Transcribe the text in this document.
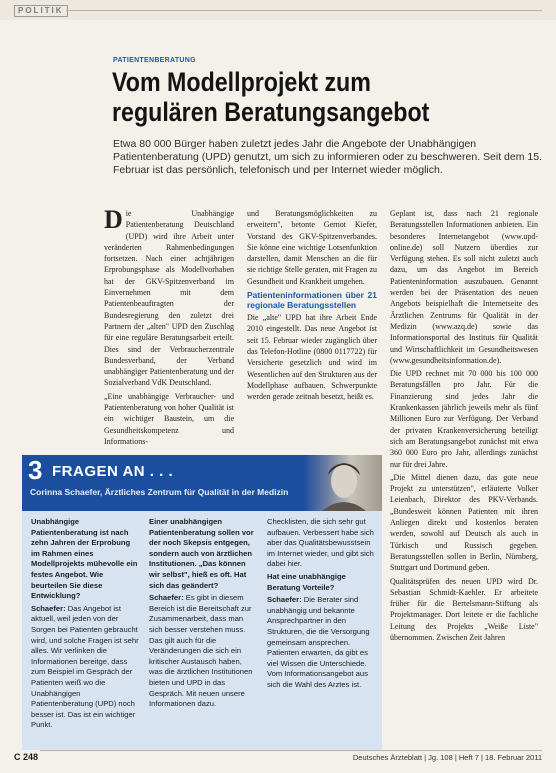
POLITIK
PATIENTENBERATUNG
Vom Modellprojekt zum regulären Beratungsangebot

Etwa 80 000 Bürger haben zuletzt jedes Jahr die Angebote der Unabhängigen Patientenberatung (UPD) genutzt, um sich zu informieren oder zu beschweren. Seit dem 15. Februar ist das persönlich, telefonisch und per Internet wieder möglich.

Die Unabhängige Patientenberatung Deutschland (UPD) wird ihre Arbeit unter veränderten Rahmenbedingungen fortsetzen. Nach einer achtjährigen Erprobungsphase als Modellvorhaben hat der GKV-Spitzenverband im Einvernehmen mit dem Patientenbeauftragten der Bundesregierung den zuletzt drei Partnern der „alten" UPD den Zuschlag für eine reguläre Beratungsarbeit erteilt. Dies sind der Verbraucherzentrale Bundesverband, der Verband unabhängiger Patientenberatung und der Sozialverband VdK Deutschland.

„Eine unabhängige Verbraucher- und Patientenberatung von hoher Qualität ist ein wichtiger Baustein, um die Gesundheitskompetenz und Informations-

und Beratungsmöglichkeiten zu erweitern", betonte Gernot Kiefer, Vorstand des GKV-Spitzenverbandes. Sie könne eine wichtige Lotsenfunktion darstellen, damit Menschen an die für sie richtige Stelle geraten, mit Fragen zu Gesundheit und Krankheit umgehen.

Patienteninformationen über 21 regionale Beratungsstellen

Die „alte" UPD hat ihre Arbeit Ende 2010 eingestellt. Das neue Angebot ist seit 15. Februar wieder zugänglich über das Telefon-Hotline (0800 0117722) für Versicherte gesetzlich und wird im Wesentlichen auf den Strukturen aus der Modellphase aufbauen. Schwerpunkte werden gerade zeitnah besetzt, heißt es.

Geplant ist, dass nach 21 regionale Beratungsstellen Informationen anbieten. Ein besonderes Internetangebot (www.upd-online.de) soll Nutzern überdies zur Verfügung stehen. Es soll nicht zuletzt auch dazu, um das Angebot im Bereich Patienteninformation auszubauen. Genannt werden bei der Präsentation des neuen Angebots beispielhaft die Internetseite des Ärztlichen Zentrums für Qualität in der Medizin (www.azq.de) sowie das Informationsportal des Instituts für Qualität und Wirtschaftlichkeit im Gesundheitswesen (www.gesundheitsinformation.de).

Die UPD rechnet mit 70 000 bis 100 000 Beratungsfällen pro Jahr. Für die Finanzierung sind jedes Jahr die Krankenkassen jährlich jeweils mehr als fünf Millionen Euro zur Verfügung. Der Verband der privaten Krankenversicherung beteiligt sich am Beratungsangebot zunächst mit etwa 360 000 Euro pro Jahr, allerdings zunächst nur für drei Jahre.

„Die Mittel dienen dazu, das gute neue Projekt zu unterstützen", erläuterte Volker Leienbach, Direktor des PKV-Verbands. „Bundesweit können Patienten mit ihren Anliegen direkt und kostenlos beraten werden, sowohl auf Deutsch als auch in Türkisch und Russisch gegeben. Beratungsstellen sollen in Berlin, Nürnberg, Stuttgart und Dortmund geben.

Qualitätsprüfen des neuen UPD wird Dr. Sebastian Schmidt-Kaehler. Er arbeitete früher für die Bertelsmann-Stiftung als Projektmanager. Dort leitete er die fachliche Leitung des Projekts „Weiße Liste" übernommen. Zwischen Zeit Jahren

3 FRAGEN AN . . .
Corinna Schaefer, Ärztliches Zentrum für Qualität in der Medizin

Unabhängige Patientenberatung ist nach zehn Jahren der Erprobung im Rahmen eines Modellprojekts mühevolle ein festes Angebot. Wie beurteilen Sie diese Entwicklung?

Schaefer: Das Angebot ist aktuell, weil jeden von der Sorgen bei Patienten gebraucht wird, und solche Fragen ist sehr alles. Wir verlinken die Informationen bereitge, dass zum Beispiel im Gespräch der Patienten weiß wo die Unabhängigen Patientenberatung (UPD) noch besser ist. Das ist ein wichtiger Punkt.

Einer unabhängigen Patientenberatung sollen vor der noch Skepsis entgegen, sondern auch von ärztlichen Institutionen. „Das können wir selbst", hieß es oft. Hat sich das geändert?

Schaefer: Es gibt in diesem Bereich ist die Bereitschaft zur Zusammenarbeit, dass man sich besser verstehen muss. Das gilt auch für die Veränderungen die sich ein kritischer Austausch haben, was die ärztlichen Institutionen bieten und UPD in das Gespräch. Mit neuen unsere Informationen dazu.

Checklisten, die sich sehr gut aufbauen. Verbessert habe sich aber das Qualitätsbewusstsein im Internet wieder, und gibt sich dabei hier.

Hat eine unabhängige Beratung Vorteile?

Schaefer: Die Berater sind unabhängig und bekannte Ansprechpartner in den Strukturen, die die Versorgung gemeinsam ansprechen. Patienten erwarten, da gibt es viel Wissen die Unterschiede. Vom Informationsangebot aus sich die Wahl des Arztes ist.

C 248	Deutsches Ärzteblatt | Jg. 108 | Heft 7 | 18. Februar 2011
